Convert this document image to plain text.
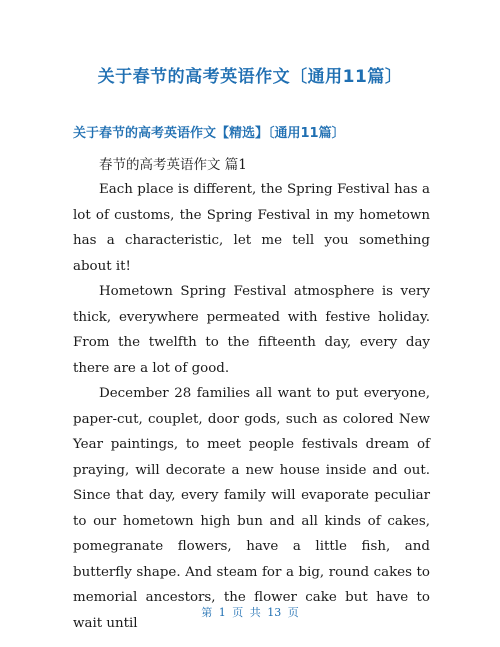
关于春节的高考英语作文〔通用11篇〕
关于春节的高考英语作文【精选】〔通用11篇〕
春节的高考英语作文 篇1

Each place is different, the Spring Festival has a lot of customs, the Spring Festival in my hometown has a characteristic, let me tell you something about it!

Hometown Spring Festival atmosphere is very thick, everywhere permeated with festive holiday. From the twelfth to the fifteenth day, every day there are a lot of good.

December 28 families all want to put everyone, paper-cut, couplet, door gods, such as colored New Year paintings, to meet people festivals dream of praying, will decorate a new house inside and out. Since that day, every family will evaporate peculiar to our hometown high bun and all kinds of cakes, pomegranate flowers, have a little fish, and butterfly shape. And steam for a big, round cakes to memorial ancestors, the flower cake but have to wait until

第 1 页 共 13 页
